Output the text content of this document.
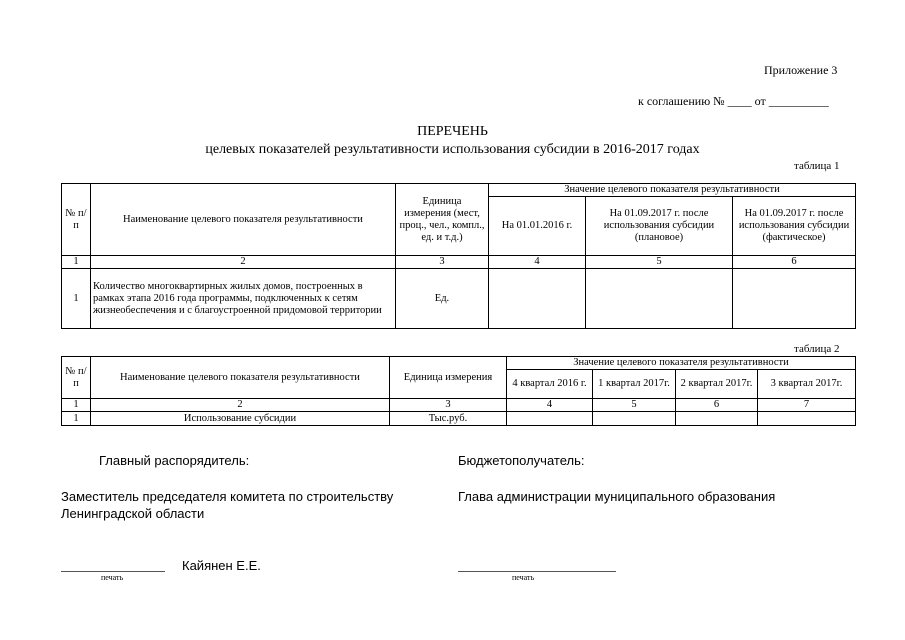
Приложение 3
к соглашению № ____ от __________
ПЕРЕЧЕНЬ
целевых показателей результативности использования субсидии в 2016-2017 годах
таблица 1
№ п/п	Наименование целевого показателя результативности	Единица измерения (мест, проц., чел., компл., ед. и т.д.)	Значение целевого показателя результативности		
			На 01.01.2016 г.	На 01.09.2017 г. после использования субсидии (плановое)	На 01.09.2017 г. после использования субсидии (фактическое)
1	2	3	4	5	6
1	Количество многоквартирных жилых домов, построенных в рамках этапа 2016 года программы, подключенных к сетям жизнеобеспечения и с благоустроенной придомовой территории	Ед.			
таблица 2
№ п/п	Наименование целевого показателя результативности	Единица измерения	Значение целевого показателя результативности			
			4 квартал 2016 г.	1 квартал 2017г.	2 квартал 2017г.	3 квартал 2017г.
1	2	3	4	5	6	7
1	Использование субсидии	Тыс.руб.				
Главный распорядитель:	Бюджетополучатель:
Заместитель председателя комитета по строительству Ленинградской области
Глава администрации муниципального образования
Кайянен Е.Е.
печать	печать
